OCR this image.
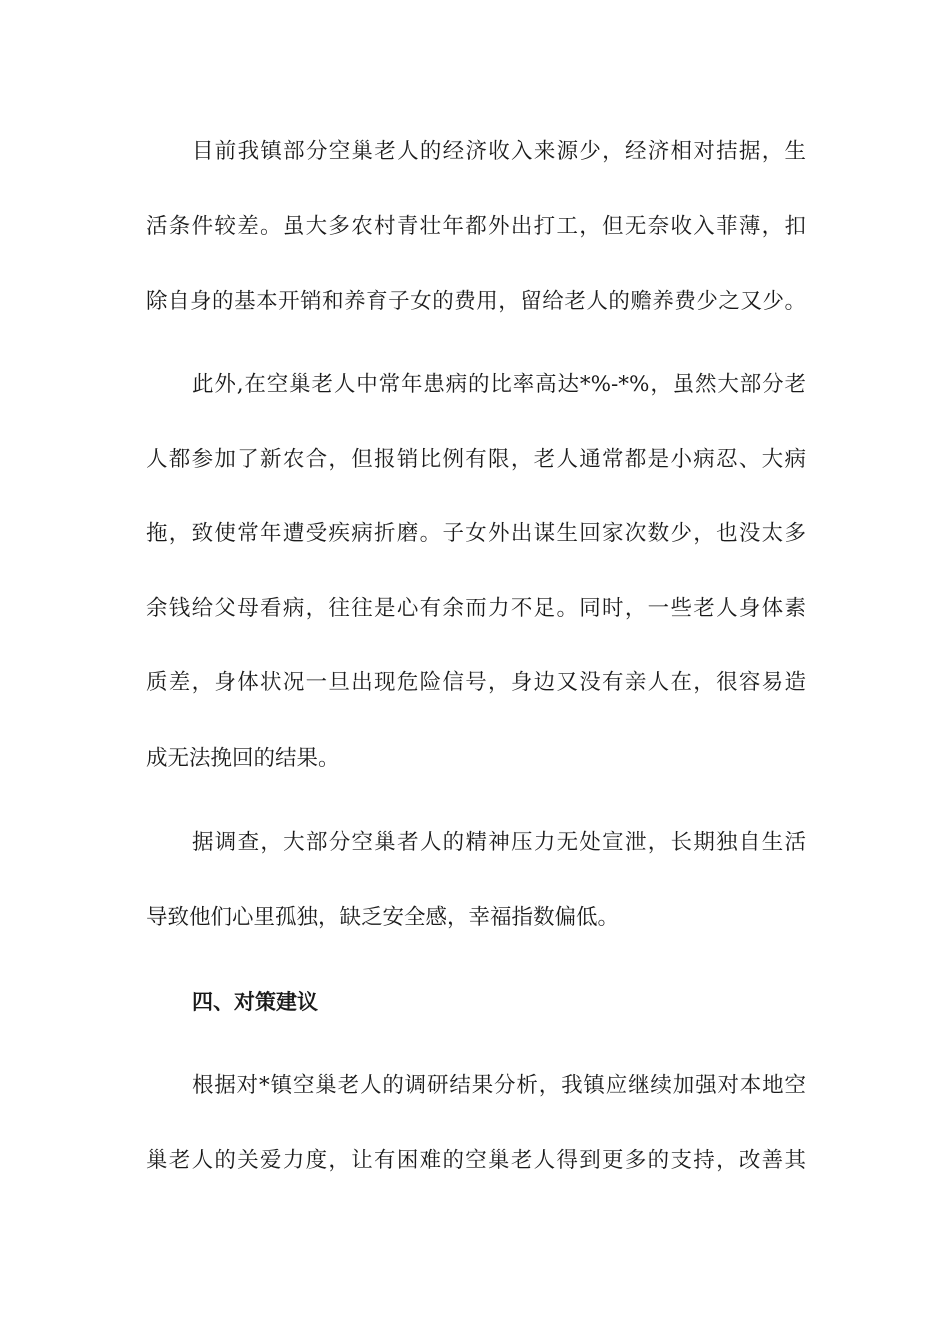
目前我镇部分空巢老人的经济收入来源少，经济相对拮据，生
活条件较差。虽大多农村青壮年都外出打工，但无奈收入菲薄，扣
除自身的基本开销和养育子女的费用，留给老人的赡养费少之又少。
此外,在空巢老人中常年患病的比率高达*%-*%，虽然大部分老
人都参加了新农合，但报销比例有限，老人通常都是小病忍、大病
拖，致使常年遭受疾病折磨。子女外出谋生回家次数少，也没太多
余钱给父母看病，往往是心有余而力不足。同时，一些老人身体素
质差，身体状况一旦出现危险信号，身边又没有亲人在，很容易造
成无法挽回的结果。
据调查，大部分空巢者人的精神压力无处宣泄，长期独自生活
导致他们心里孤独，缺乏安全感，幸福指数偏低。
四、对策建议
根据对*镇空巢老人的调研结果分析，我镇应继续加强对本地空
巢老人的关爱力度，让有困难的空巢老人得到更多的支持，改善其
